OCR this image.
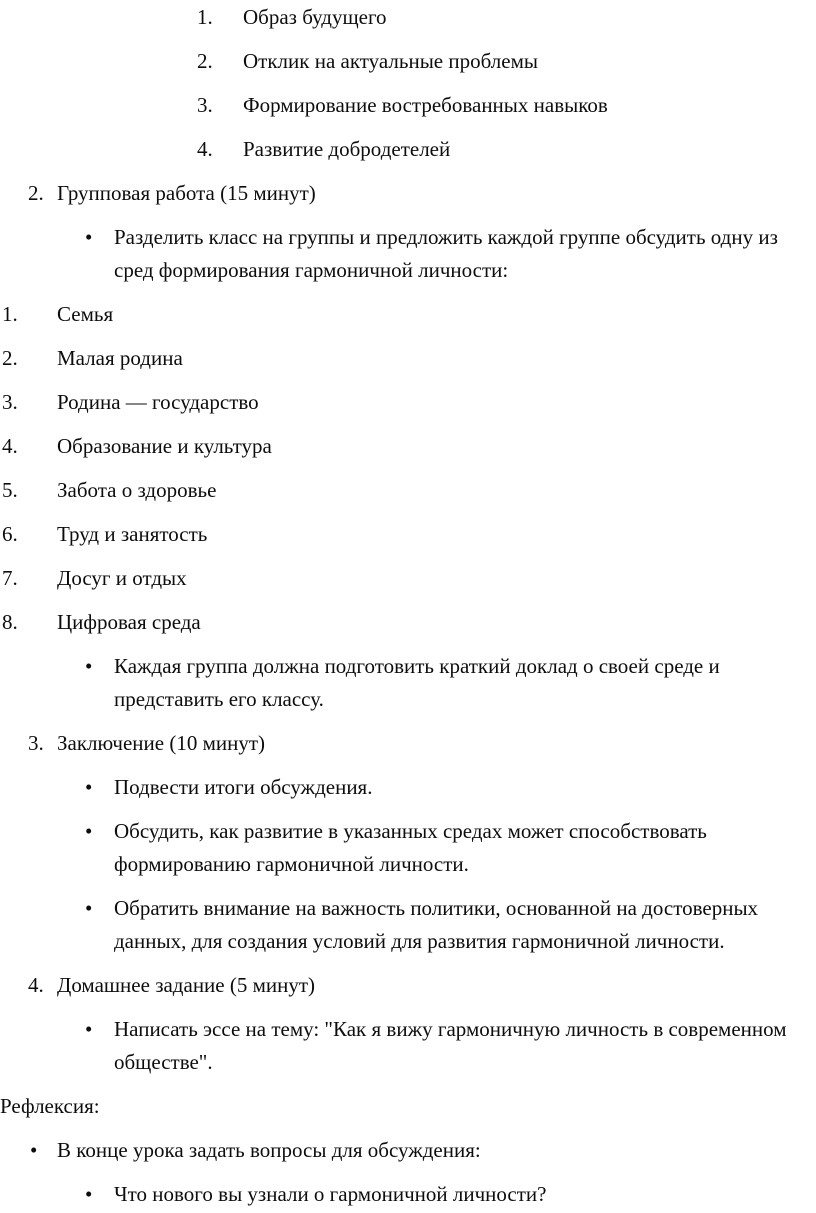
1. Образ будущего
2. Отклик на актуальные проблемы
3. Формирование востребованных навыков
4. Развитие добродетелей
2. Групповая работа (15 минут)
• Разделить класс на группы и предложить каждой группе обсудить одну из сред формирования гармоничной личности:
1. Семья
2. Малая родина
3. Родина — государство
4. Образование и культура
5. Забота о здоровье
6. Труд и занятость
7. Досуг и отдых
8. Цифровая среда
• Каждая группа должна подготовить краткий доклад о своей среде и представить его классу.
3. Заключение (10 минут)
• Подвести итоги обсуждения.
• Обсудить, как развитие в указанных средах может способствовать формированию гармоничной личности.
• Обратить внимание на важность политики, основанной на достоверных данных, для создания условий для развития гармоничной личности.
4. Домашнее задание (5 минут)
• Написать эссе на тему: "Как я вижу гармоничную личность в современном обществе".
Рефлексия:
• В конце урока задать вопросы для обсуждения:
• Что нового вы узнали о гармоничной личности?
